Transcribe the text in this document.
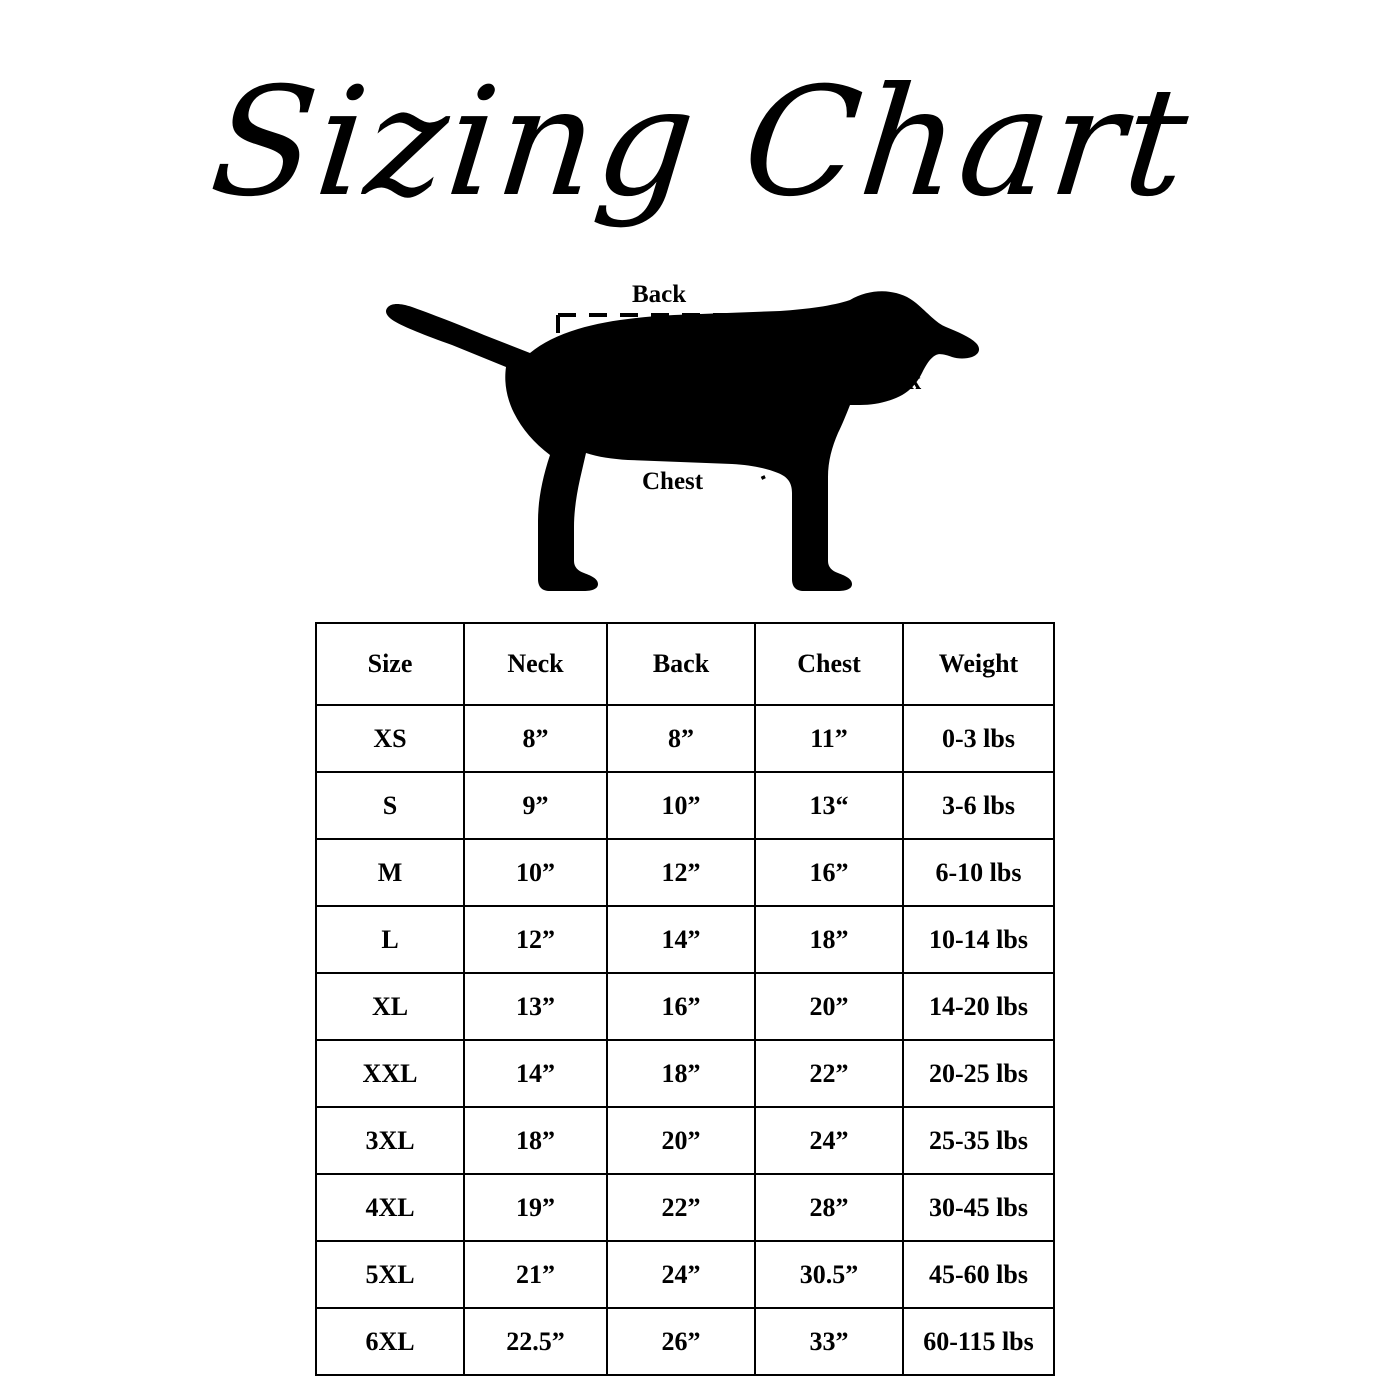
Sizing Chart
Back
Neck
Chest
Size	Neck	Back	Chest	Weight
XS	8”	8”	11”	0-3 lbs
S	9”	10”	13“	3-6 lbs
M	10”	12”	16”	6-10 lbs
L	12”	14”	18”	10-14 lbs
XL	13”	16”	20”	14-20 lbs
XXL	14”	18”	22”	20-25 lbs
3XL	18”	20”	24”	25-35 lbs
4XL	19”	22”	28”	30-45 lbs
5XL	21”	24”	30.5”	45-60 lbs
6XL	22.5”	26”	33”	60-115 lbs
